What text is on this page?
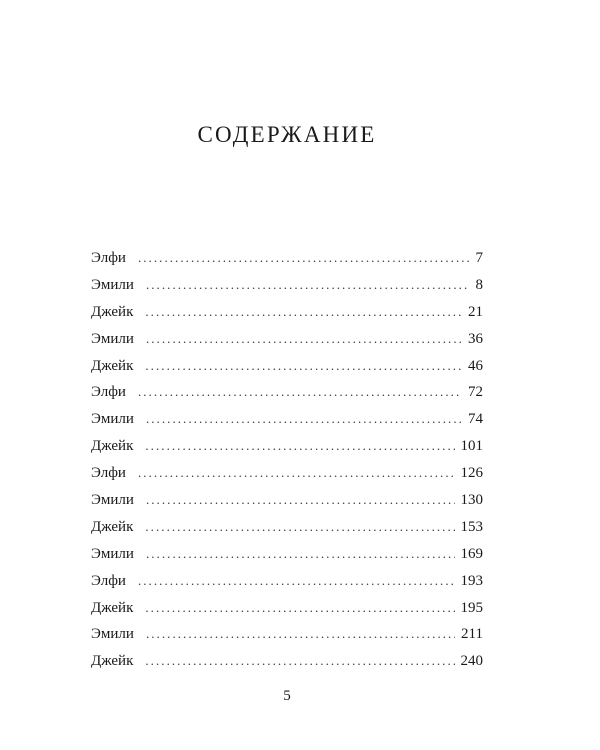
СОДЕРЖАНИЕ
Элфи . . .	7
Эмили . . .	8
Джейк . . .	21
Эмили . . .	36
Джейк . . .	46
Элфи . . .	72
Эмили . . .	74
Джейк . . .	101
Элфи . . .	126
Эмили . . .	130
Джейк . . .	153
Эмили . . .	169
Элфи . . .	193
Джейк . . .	195
Эмили . . .	211
Джейк . . .	240
5
